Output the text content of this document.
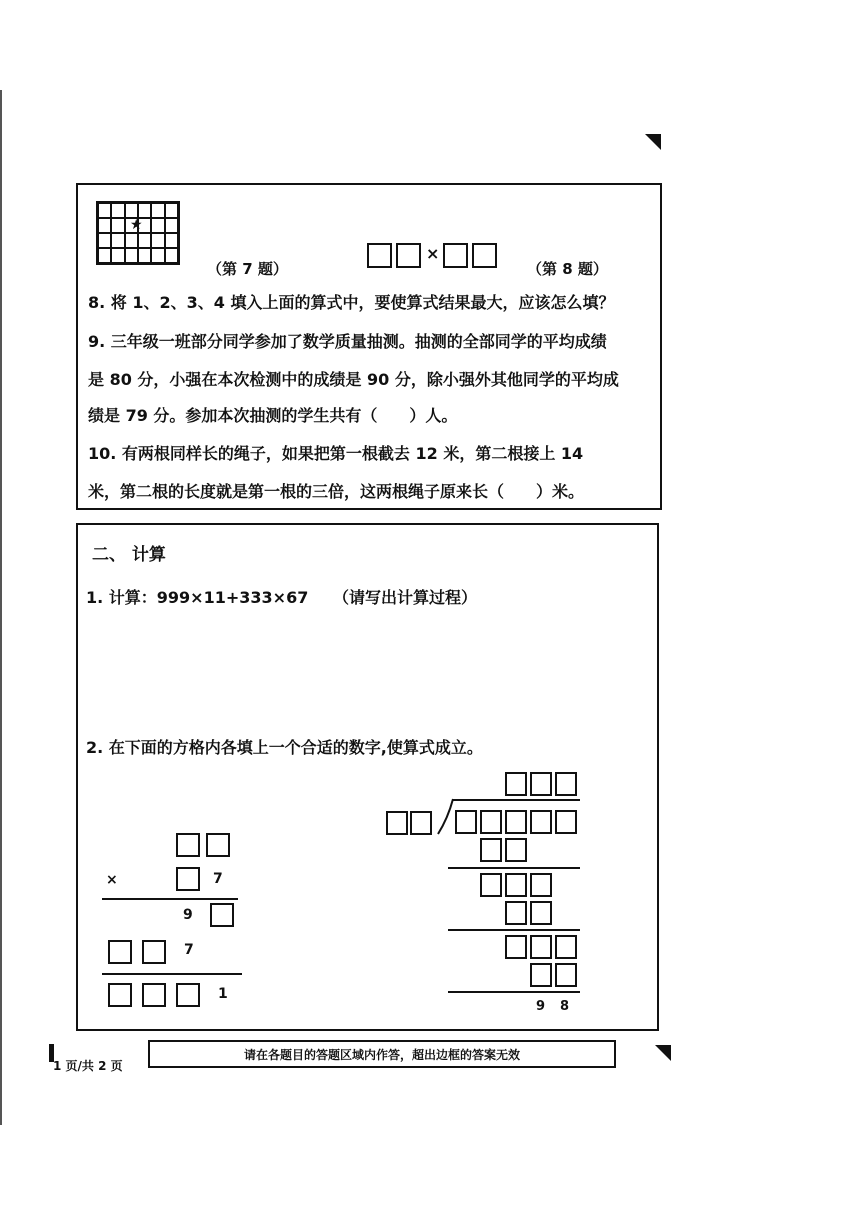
★
（第 7 题）
×
（第 8 题）
8. 将 1、2、3、4 填入上面的算式中，要使算式结果最大，应该怎么填？
9. 三年级一班部分同学参加了数学质量抽测。抽测的全部同学的平均成绩
是 80 分，小强在本次检测中的成绩是 90 分，除小强外其他同学的平均成
绩是 79 分。参加本次抽测的学生共有（　　）人。
10. 有两根同样长的绳子，如果把第一根截去 12 米，第二根接上 14
米，第二根的长度就是第一根的三倍，这两根绳子原来长（　　）米。
二、 计算
1. 计算：999×11+333×67 （请写出计算过程）
2. 在下面的方格内各填上一个合适的数字,使算式成立。
×	7
9
7
1
9 8
1 页/共 2 页
请在各题目的答题区域内作答，超出边框的答案无效
